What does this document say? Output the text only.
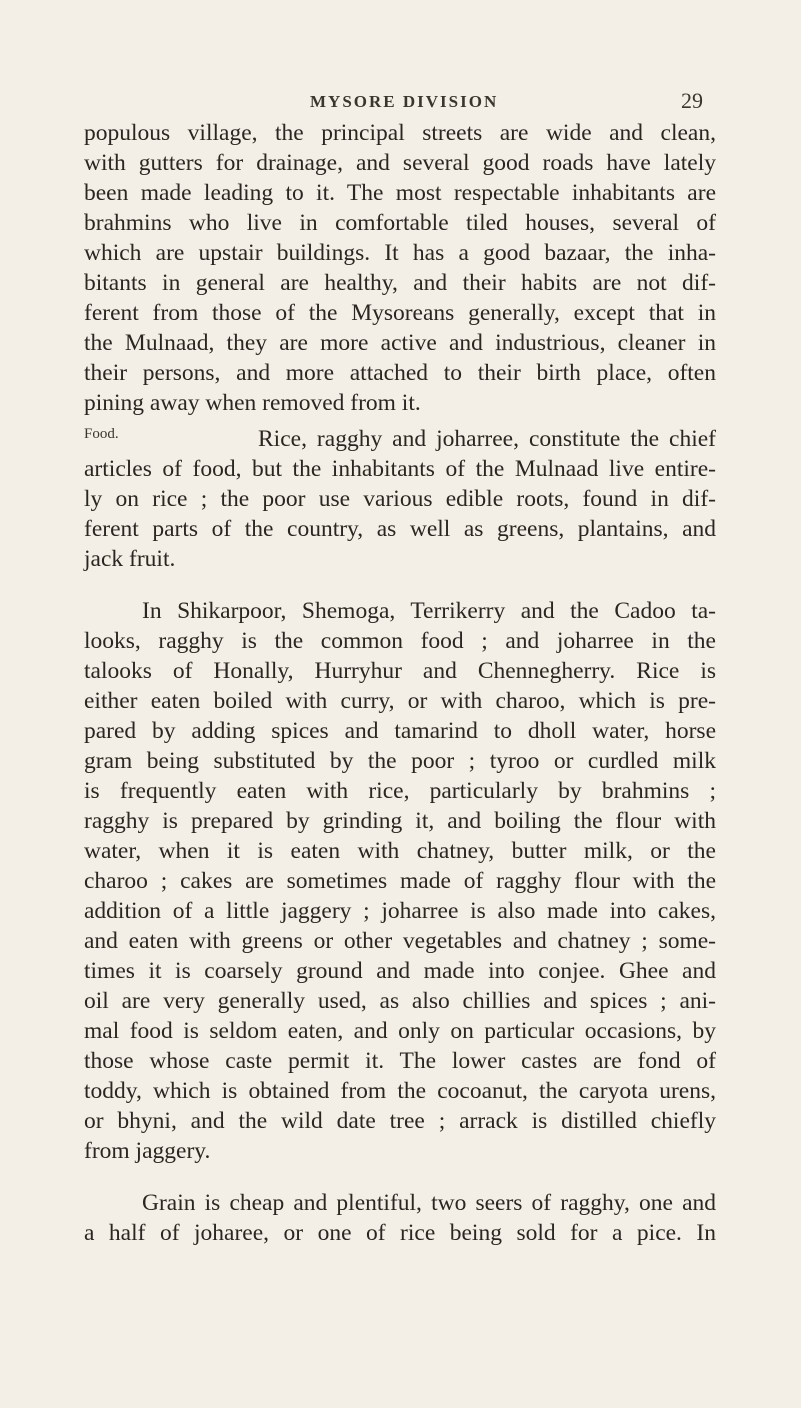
MYSORE DIVISION	29
populous village, the principal streets are wide and clean,
with gutters for drainage, and several good roads have lately
been made leading to it. The most respectable inhabitants are
brahmins who live in comfortable tiled houses, several of
which are upstair buildings. It has a good bazaar, the inha-
bitants in general are healthy, and their habits are not dif-
ferent from those of the Mysoreans generally, except that in
the Mulnaad, they are more active and industrious, cleaner in
their persons, and more attached to their birth place, often
pining away when removed from it.
Food.	Rice, ragghy and joharree, constitute the chief
articles of food, but the inhabitants of the Mulnaad live entire-
ly on rice ; the poor use various edible roots, found in dif-
ferent parts of the country, as well as greens, plantains, and
jack fruit.
In Shikarpoor, Shemoga, Terrikerry and the Cadoo ta-
looks, ragghy is the common food ; and joharree in the
talooks of Honally, Hurryhur and Chennegherry. Rice is
either eaten boiled with curry, or with charoo, which is pre-
pared by adding spices and tamarind to dholl water, horse
gram being substituted by the poor ; tyroo or curdled milk
is frequently eaten with rice, particularly by brahmins ;
ragghy is prepared by grinding it, and boiling the flour with
water, when it is eaten with chatney, butter milk, or the
charoo ; cakes are sometimes made of ragghy flour with the
addition of a little jaggery ; joharree is also made into cakes,
and eaten with greens or other vegetables and chatney ; some-
times it is coarsely ground and made into conjee. Ghee and
oil are very generally used, as also chillies and spices ; ani-
mal food is seldom eaten, and only on particular occasions, by
those whose caste permit it. The lower castes are fond of
toddy, which is obtained from the cocoanut, the caryota urens,
or bhyni, and the wild date tree ; arrack is distilled chiefly
from jaggery.
Grain is cheap and plentiful, two seers of ragghy, one and
a half of joharee, or one of rice being sold for a pice. In
